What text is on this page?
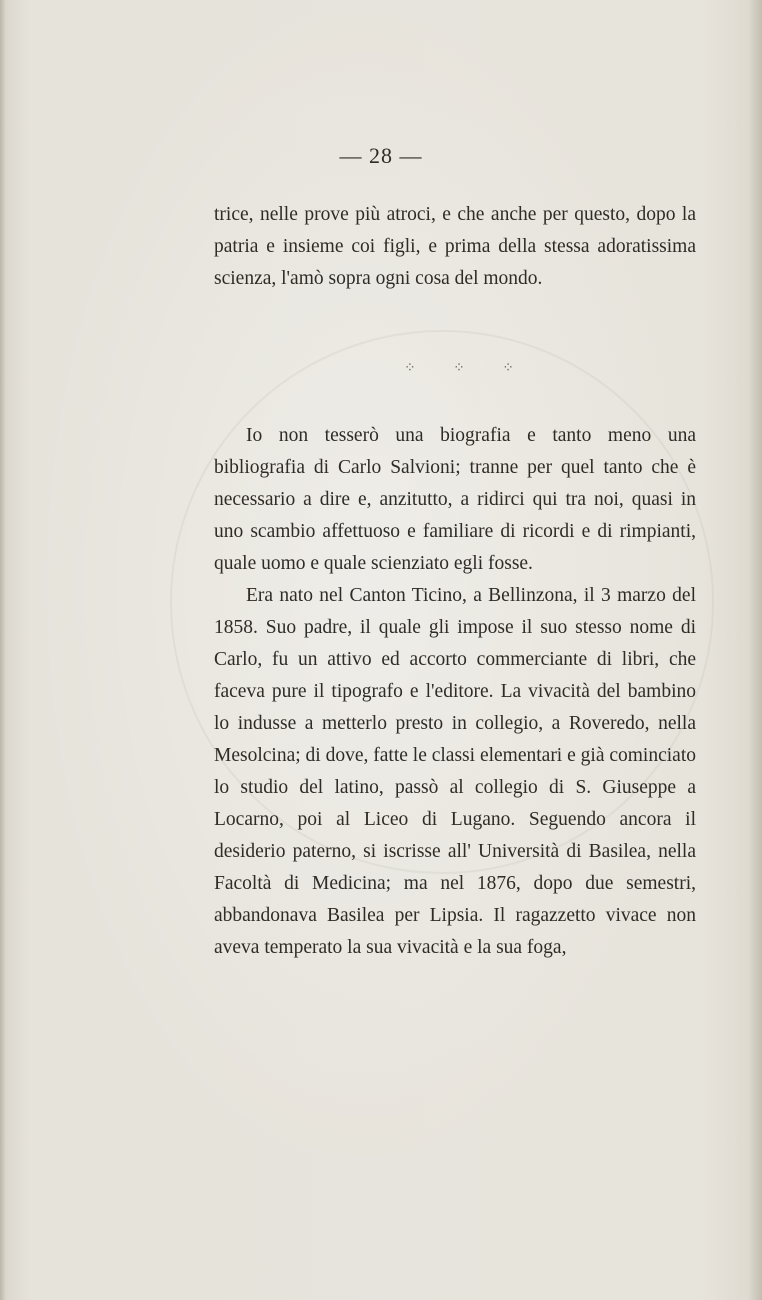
— 28 —

trice, nelle prove più atroci, e che anche per questo, dopo la patria e insieme coi figli, e prima della stessa adoratissima scienza, l'amò sopra ogni cosa del mondo.

⁘	⁘	⁘

Io non tesserò una biografia e tanto meno una bibliografia di Carlo Salvioni; tranne per quel tanto che è necessario a dire e, anzitutto, a ridirci qui tra noi, quasi in uno scambio affettuoso e familiare di ricordi e di rimpianti, quale uomo e quale scienziato egli fosse.

Era nato nel Canton Ticino, a Bellinzona, il 3 marzo del 1858. Suo padre, il quale gli impose il suo stesso nome di Carlo, fu un attivo ed accorto commerciante di libri, che faceva pure il tipografo e l'editore. La vivacità del bambino lo indusse a metterlo presto in collegio, a Roveredo, nella Mesolcina; di dove, fatte le classi elementari e già cominciato lo studio del latino, passò al collegio di S. Giuseppe a Locarno, poi al Liceo di Lugano. Seguendo ancora il desiderio paterno, si iscrisse all' Università di Basilea, nella Facoltà di Medicina; ma nel 1876, dopo due semestri, abbandonava Basilea per Lipsia. Il ragazzetto vivace non aveva temperato la sua vivacità e la sua foga,
